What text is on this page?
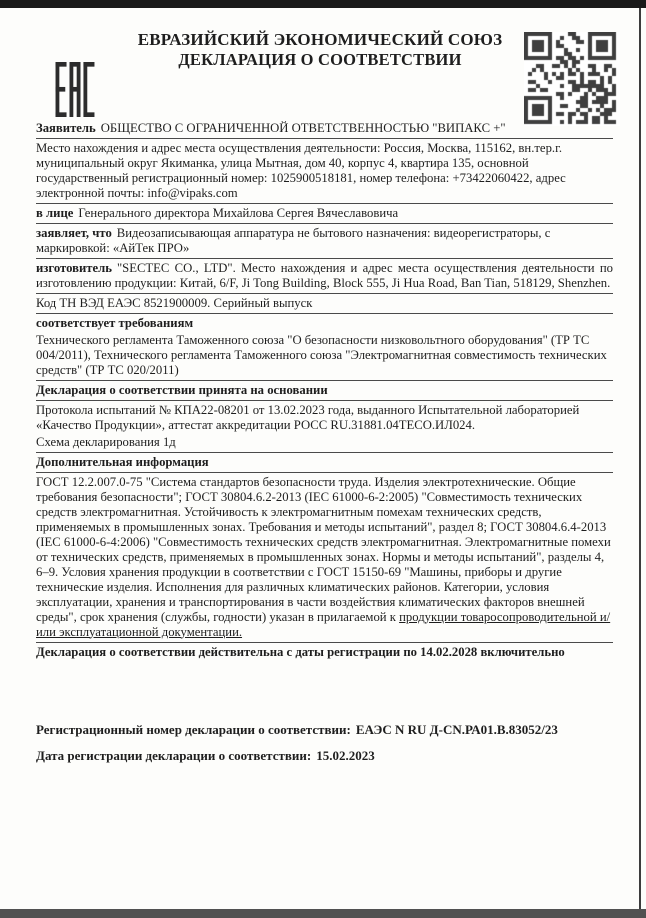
ЕВРАЗИЙСКИЙ ЭКОНОМИЧЕСКИЙ СОЮЗ
ДЕКЛАРАЦИЯ О СООТВЕТСТВИИ

Заявитель ОБЩЕСТВО С ОГРАНИЧЕННОЙ ОТВЕТСТВЕННОСТЬЮ "ВИПАКС +"

Место нахождения и адрес места осуществления деятельности: Россия, Москва, 115162, вн.тер.г. муниципальный округ Якиманка, улица Мытная, дом 40, корпус 4, квартира 135, основной государственный регистрационный номер: 1025900518181, номер телефона: +73422060422, адрес электронной почты: info@vipaks.com

в лице Генерального директора Михайлова Сергея Вячеславовича

заявляет, что Видеозаписывающая аппаратура не бытового назначения: видеорегистраторы, с маркировкой: «АйТек ПРО»

изготовитель "SECTEC CO., LTD". Место нахождения и адрес места осуществления деятельности по изготовлению продукции: Китай, 6/F, Ji Tong Building, Block 555, Ji Hua Road, Ban Tian, 518129, Shenzhen.

Код ТН ВЭД ЕАЭС 8521900009. Серийный выпуск

соответствует требованиям

Технического регламента Таможенного союза "О безопасности низковольтного оборудования" (ТР ТС 004/2011), Технического регламента Таможенного союза "Электромагнитная совместимость технических средств" (ТР ТС 020/2011)

Декларация о соответствии принята на основании

Протокола испытаний № КПА22-08201 от 13.02.2023 года, выданного Испытательной лабораторией «Качество Продукции», аттестат аккредитации РОСС RU.31881.04ТЕСО.ИЛ024.

Схема декларирования 1д

Дополнительная информация

ГОСТ 12.2.007.0-75 "Система стандартов безопасности труда. Изделия электротехнические. Общие требования безопасности"; ГОСТ 30804.6.2-2013 (IEC 61000-6-2:2005) "Совместимость технических средств электромагнитная. Устойчивость к электромагнитным помехам технических средств, применяемых в промышленных зонах. Требования и методы испытаний", раздел 8; ГОСТ 30804.6.4-2013 (IEC 61000-6-4:2006) "Совместимость технических средств электромагнитная. Электромагнитные помехи от технических средств, применяемых в промышленных зонах. Нормы и методы испытаний", разделы 4, 6–9. Условия хранения продукции в соответствии с ГОСТ 15150-69 "Машины, приборы и другие технические изделия. Исполнения для различных климатических районов. Категории, условия эксплуатации, хранения и транспортирования в части воздействия климатических факторов внешней среды", срок хранения (службы, годности) указан в прилагаемой к продукции товаросопроводительной и/или эксплуатационной документации.

Декларация о соответствии действительна с даты регистрации по 14.02.2028 включительно

Регистрационный номер декларации о соответствии: ЕАЭС N RU Д-CN.РА01.В.83052/23

Дата регистрации декларации о соответствии: 15.02.2023
